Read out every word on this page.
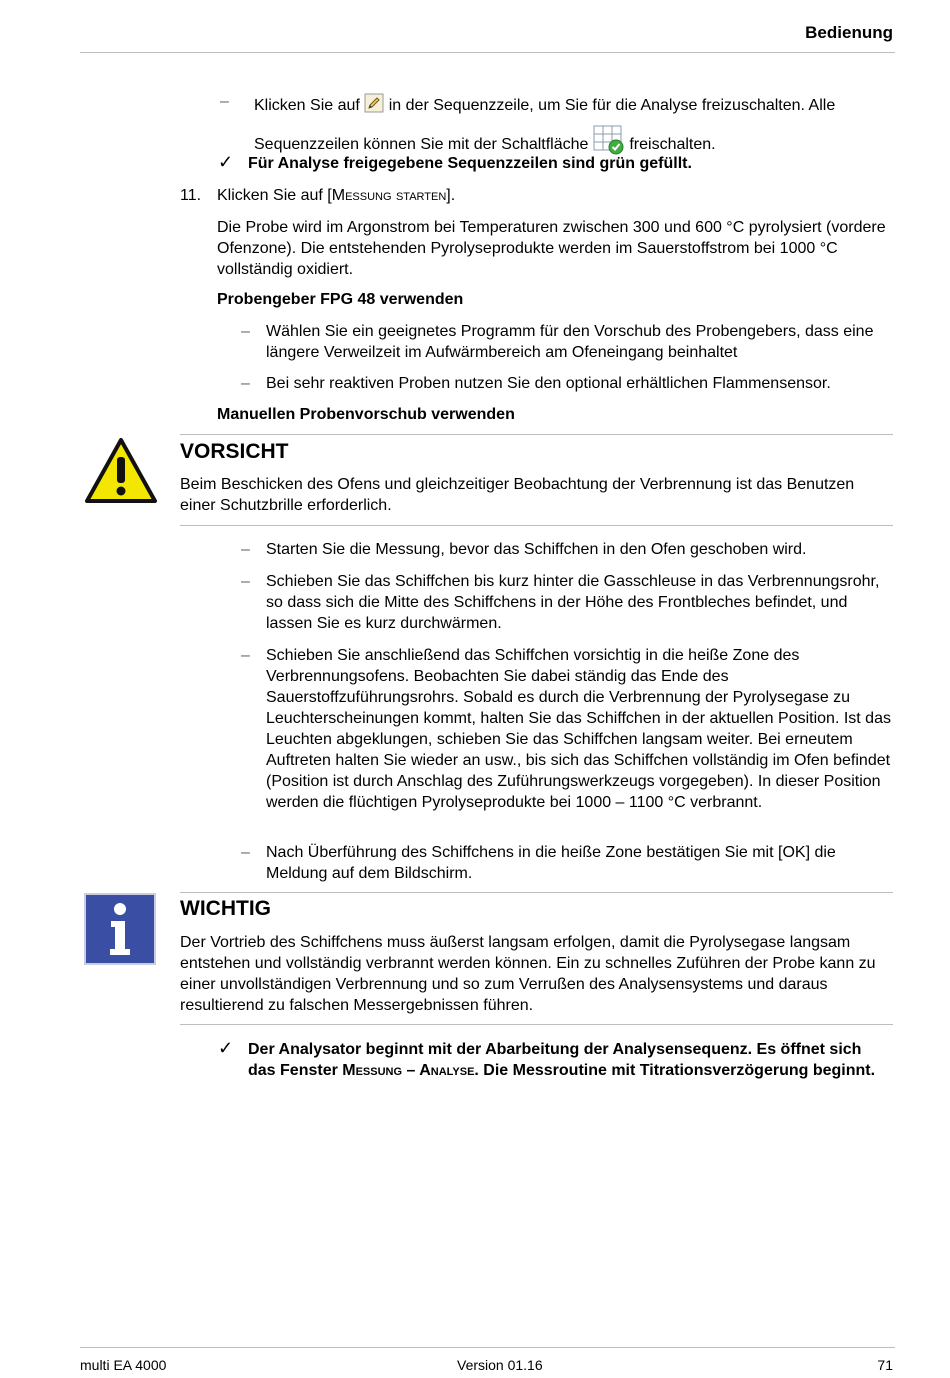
Bedienung
– Klicken Sie auf in der Sequenzzeile, um Sie für die Analyse freizuschalten. Alle
Sequenzzeilen können Sie mit der Schaltfläche	freischalten.
✓ Für Analyse freigegebene Sequenzzeilen sind grün gefüllt.
11. Klicken Sie auf [Messung starten].
Die Probe wird im Argonstrom bei Temperaturen zwischen 300 und 600 °C pyrolysiert (vordere Ofenzone). Die entstehenden Pyrolyseprodukte werden im Sauerstoffstrom bei 1000 °C vollständig oxidiert.
Probengeber FPG 48 verwenden
– Wählen Sie ein geeignetes Programm für den Vorschub des Probengebers, dass eine längere Verweilzeit im Aufwärmbereich am Ofeneingang beinhaltet
– Bei sehr reaktiven Proben nutzen Sie den optional erhältlichen Flammensensor.
Manuellen Probenvorschub verwenden
VORSICHT
Beim Beschicken des Ofens und gleichzeitiger Beobachtung der Verbrennung ist das Benutzen einer Schutzbrille erforderlich.
– Starten Sie die Messung, bevor das Schiffchen in den Ofen geschoben wird.
– Schieben Sie das Schiffchen bis kurz hinter die Gasschleuse in das Verbrennungsrohr, so dass sich die Mitte des Schiffchens in der Höhe des Frontbleches befindet, und lassen Sie es kurz durchwärmen.
– Schieben Sie anschließend das Schiffchen vorsichtig in die heiße Zone des Verbrennungsofens. Beobachten Sie dabei ständig das Ende des Sauerstoffzuführungsrohrs. Sobald es durch die Verbrennung der Pyrolysegase zu Leuchterscheinungen kommt, halten Sie das Schiffchen in der aktuellen Position. Ist das Leuchten abgeklungen, schieben Sie das Schiffchen langsam weiter. Bei erneutem Auftreten halten Sie wieder an usw., bis sich das Schiffchen vollständig im Ofen befindet (Position ist durch Anschlag des Zuführungswerkzeugs vorgegeben). In dieser Position werden die flüchtigen Pyrolyseprodukte bei 1000 – 1100 °C verbrannt.
– Nach Überführung des Schiffchens in die heiße Zone bestätigen Sie mit [OK] die Meldung auf dem Bildschirm.
WICHTIG
Der Vortrieb des Schiffchens muss äußerst langsam erfolgen, damit die Pyrolysegase langsam entstehen und vollständig verbrannt werden können. Ein zu schnelles Zuführen der Probe kann zu einer unvollständigen Verbrennung und so zum Verrußen des Analysensystems und daraus resultierend zu falschen Messergebnissen führen.
✓ Der Analysator beginnt mit der Abarbeitung der Analysensequenz. Es öffnet sich das Fenster Messung – Analyse. Die Messroutine mit Titrationsverzögerung beginnt.
multi EA 4000	Version 01.16	71
